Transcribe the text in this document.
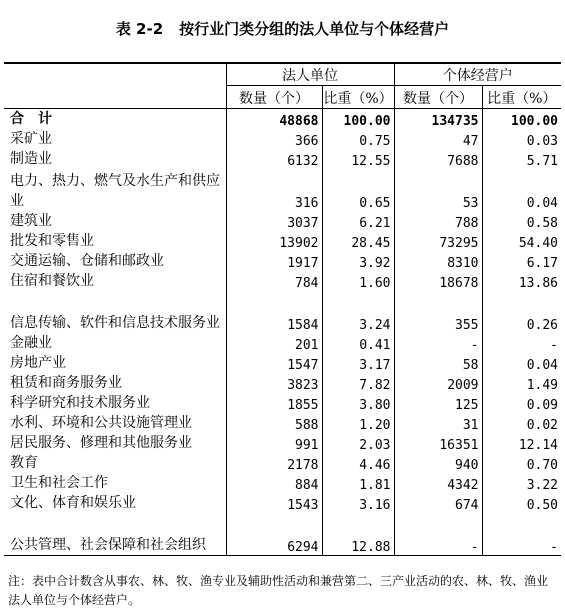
表 2-2 按行业门类分组的法人单位与个体经营户
	法人单位		个体经营户	
	数量（个）	比重（%）	数量（个）	比重（%）
合　计	48868	100.00	134735	100.00
采矿业	366	0.75	47	0.03
制造业	6132	12.55	7688	5.71
电力、热力、燃气及水生产和供应业	316	0.65	53	0.04
建筑业	3037	6.21	788	0.58
批发和零售业	13902	28.45	73295	54.40
交通运输、仓储和邮政业	1917	3.92	8310	6.17
住宿和餐饮业	784	1.60	18678	13.86
信息传输、软件和信息技术服务业	1584	3.24	355	0.26
金融业	201	0.41	-	-
房地产业	1547	3.17	58	0.04
租赁和商务服务业	3823	7.82	2009	1.49
科学研究和技术服务业	1855	3.80	125	0.09
水利、环境和公共设施管理业	588	1.20	31	0.02
居民服务、修理和其他服务业	991	2.03	16351	12.14
教育	2178	4.46	940	0.70
卫生和社会工作	884	1.81	4342	3.22
文化、体育和娱乐业	1543	3.16	674	0.50
公共管理、社会保障和社会组织	6294	12.88	-	-
注：表中合计数含从事农、林、牧、渔专业及辅助性活动和兼营第二、三产业活动的农、林、牧、渔业法人单位与个体经营户。
